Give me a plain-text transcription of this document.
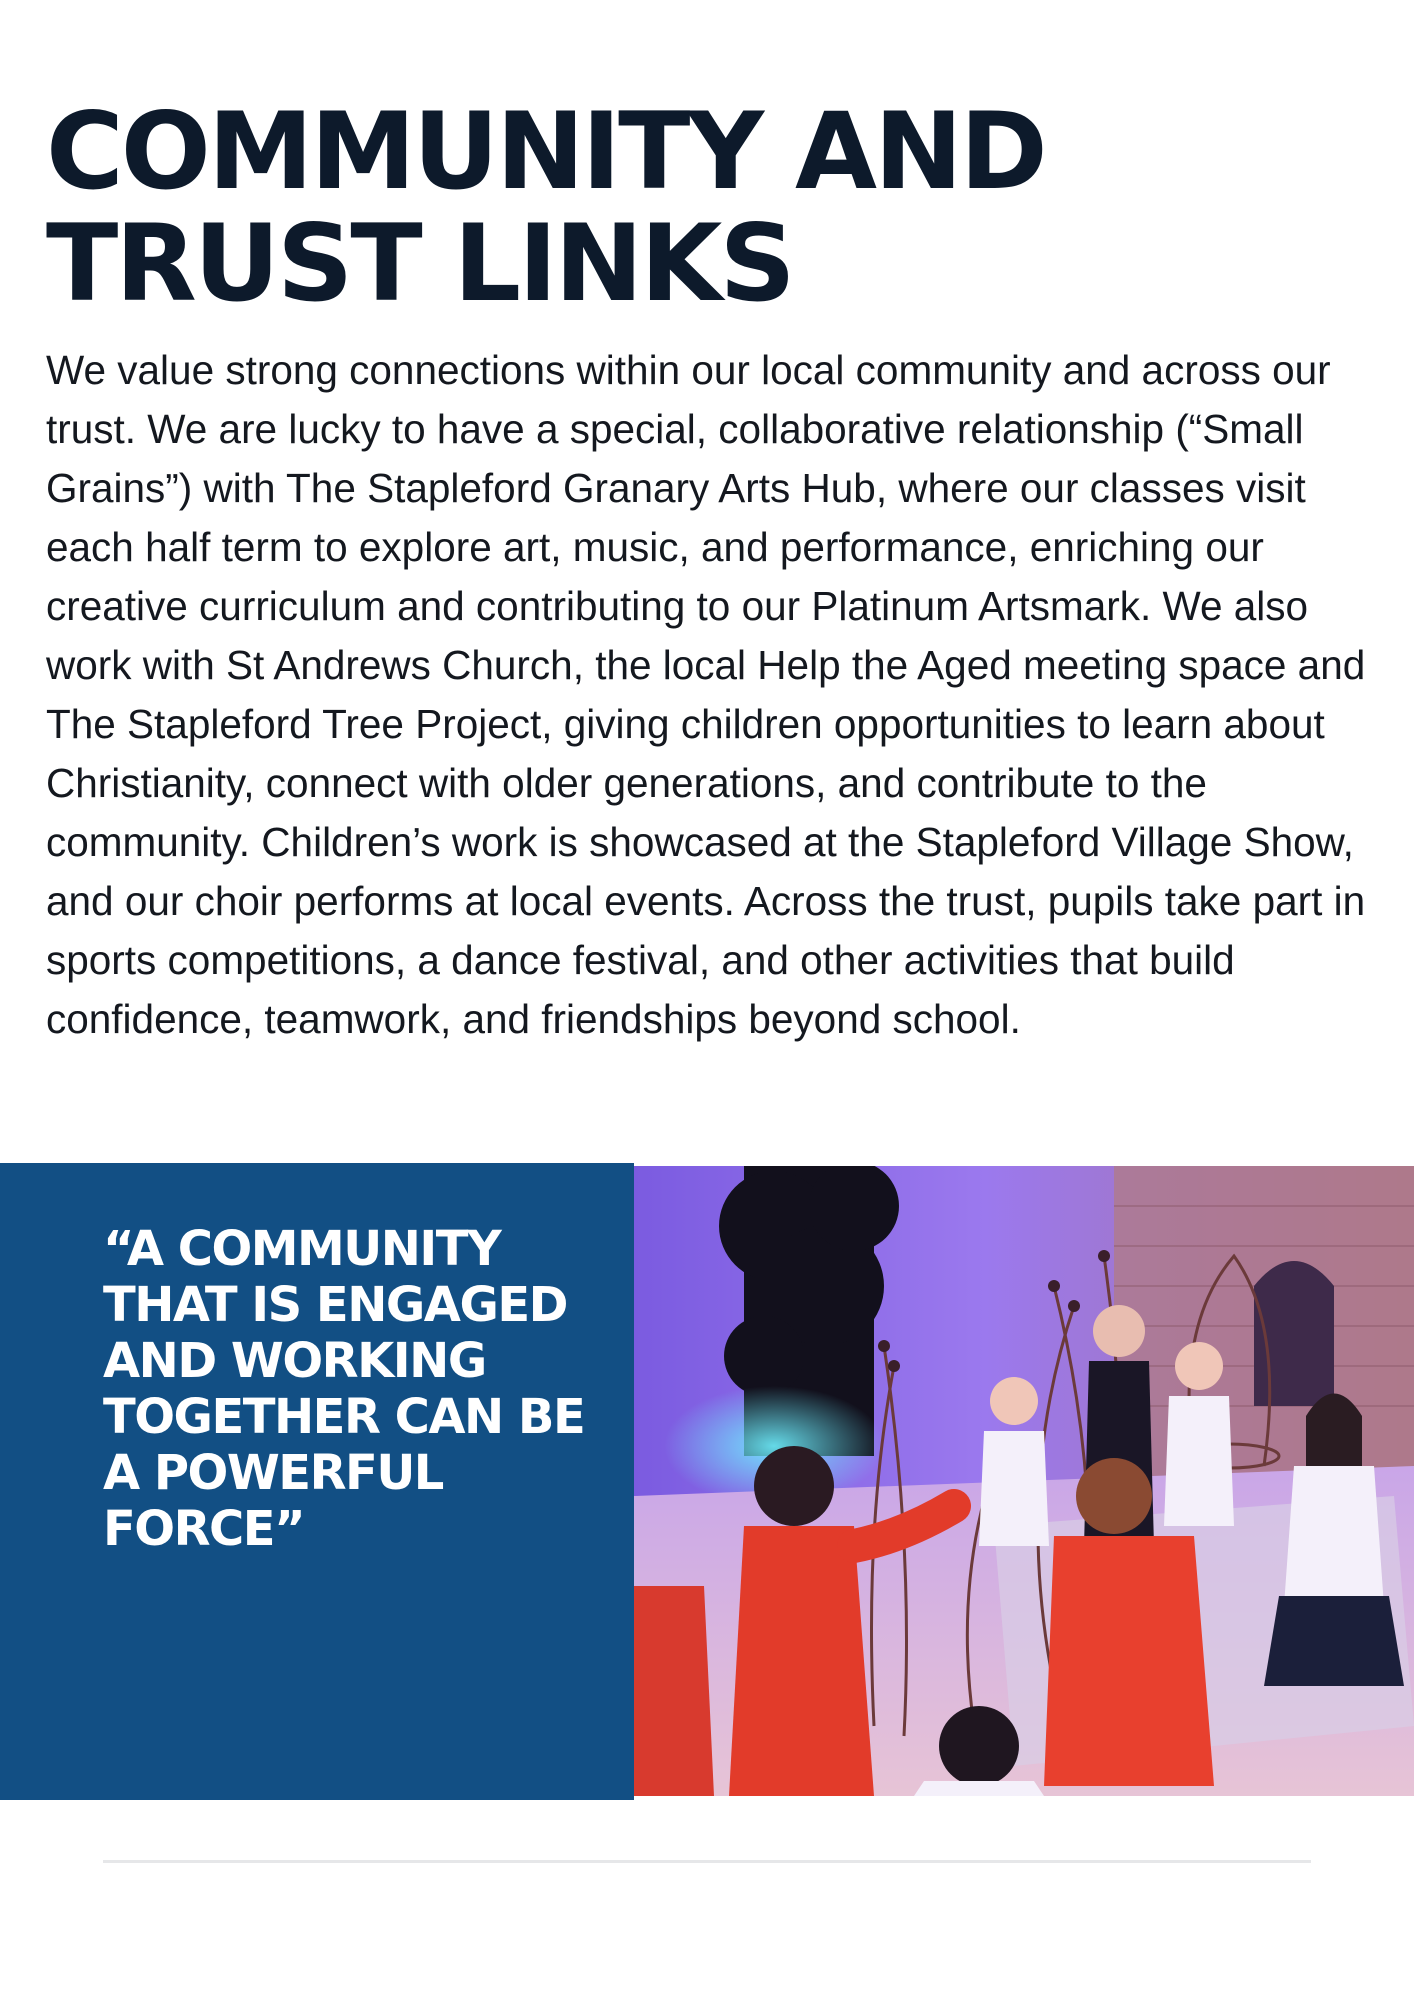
COMMUNITY AND TRUST LINKS

We value strong connections within our local community and across our trust. We are lucky to have a special, collaborative relationship (“Small Grains”) with The Stapleford Granary Arts Hub, where our classes visit each half term to explore art, music, and performance, enriching our creative curriculum and contributing to our Platinum Artsmark. We also work with St Andrews Church, the local Help the Aged meeting space and The Stapleford Tree Project, giving children opportunities to learn about Christianity, connect with older generations, and contribute to the community. Children’s work is showcased at the Stapleford Village Show, and our choir performs at local events. Across the trust, pupils take part in sports competitions, a dance festival, and other activities that build confidence, teamwork, and friendships beyond school.

“A COMMUNITY THAT IS ENGAGED AND WORKING TOGETHER CAN BE A POWERFUL FORCE”
